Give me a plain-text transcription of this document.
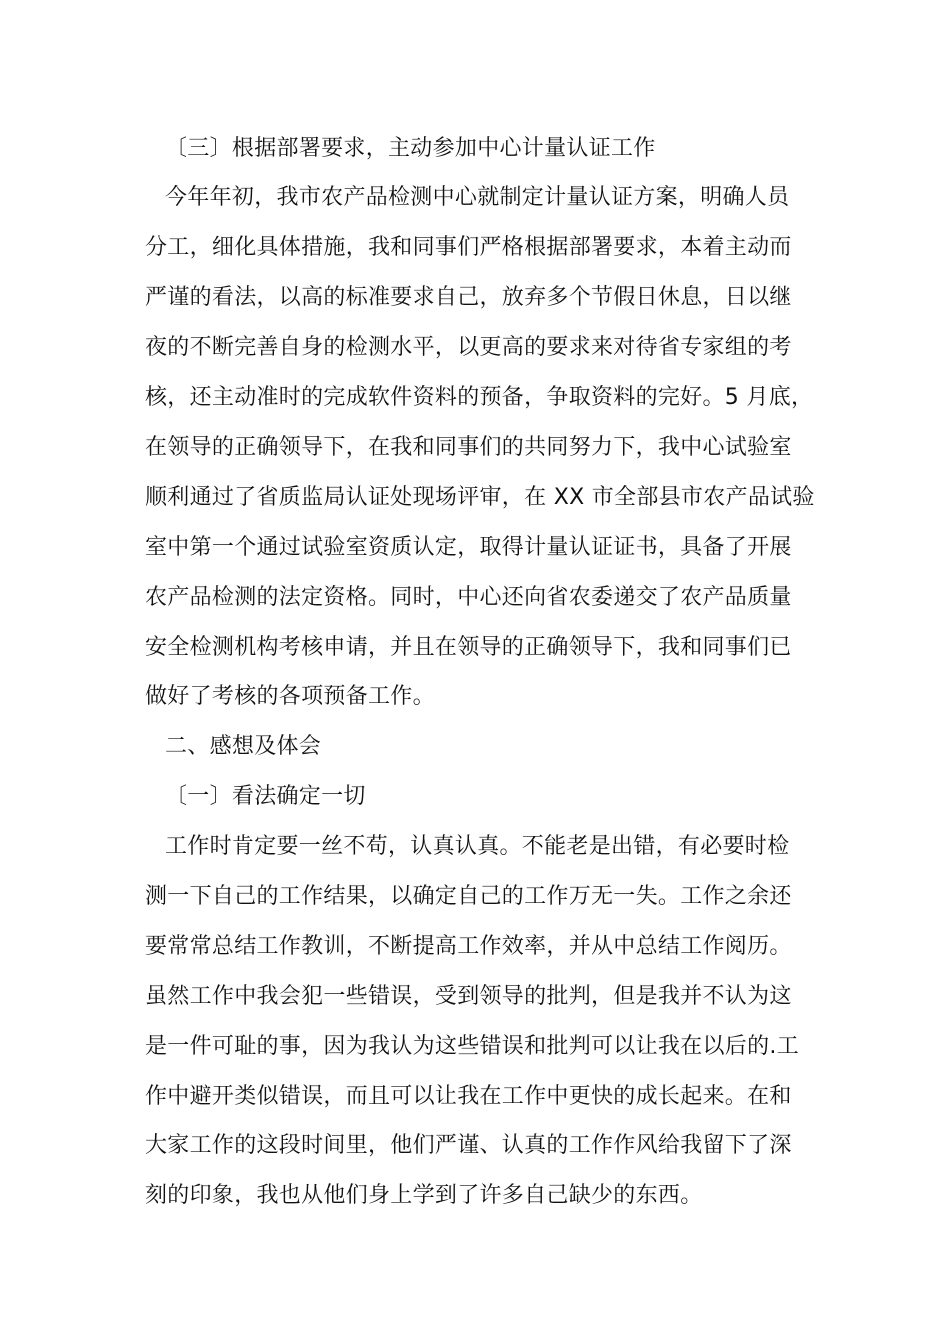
〔三〕根据部署要求，主动参加中心计量认证工作
今年年初，我市农产品检测中心就制定计量认证方案，明确人员
分工，细化具体措施，我和同事们严格根据部署要求，本着主动而
严谨的看法，以高的标准要求自己，放弃多个节假日休息，日以继
夜的不断完善自身的检测水平，以更高的要求来对待省专家组的考
核，还主动准时的完成软件资料的预备，争取资料的完好。5 月底，
在领导的正确领导下，在我和同事们的共同努力下，我中心试验室
顺利通过了省质监局认证处现场评审，在 XX 市全部县市农产品试验
室中第一个通过试验室资质认定，取得计量认证证书，具备了开展
农产品检测的法定资格。同时，中心还向省农委递交了农产品质量
安全检测机构考核申请，并且在领导的正确领导下，我和同事们已
做好了考核的各项预备工作。
二、感想及体会
〔一〕看法确定一切
工作时肯定要一丝不苟，认真认真。不能老是出错，有必要时检
测一下自己的工作结果，以确定自己的工作万无一失。工作之余还
要常常总结工作教训，不断提高工作效率，并从中总结工作阅历。
虽然工作中我会犯一些错误，受到领导的批判，但是我并不认为这
是一件可耻的事，因为我认为这些错误和批判可以让我在以后的.工
作中避开类似错误，而且可以让我在工作中更快的成长起来。在和
大家工作的这段时间里，他们严谨、认真的工作作风给我留下了深
刻的印象，我也从他们身上学到了许多自己缺少的东西。
